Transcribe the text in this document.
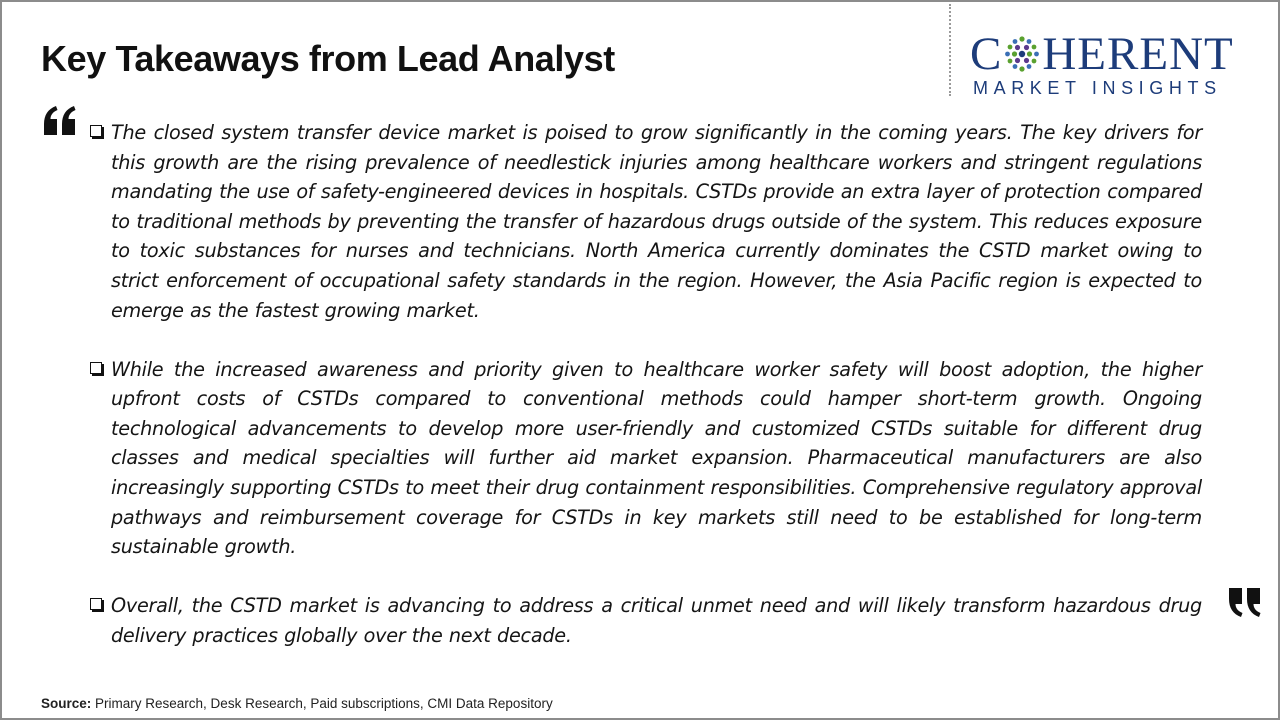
Key Takeaways from Lead Analyst	C HERENT
MARKET INSIGHTS
The closed system transfer device market is poised to grow significantly in the coming years. The key drivers for this growth are the rising prevalence of needlestick injuries among healthcare workers and stringent regulations mandating the use of safety-engineered devices in hospitals. CSTDs provide an extra layer of protection compared to traditional methods by preventing the transfer of hazardous drugs outside of the system. This reduces exposure to toxic substances for nurses and technicians. North America currently dominates the CSTD market owing to strict enforcement of occupational safety standards in the region. However, the Asia Pacific region is expected to emerge as the fastest growing market.
While the increased awareness and priority given to healthcare worker safety will boost adoption, the higher upfront costs of CSTDs compared to conventional methods could hamper short-term growth. Ongoing technological advancements to develop more user-friendly and customized CSTDs suitable for different drug classes and medical specialties will further aid market expansion. Pharmaceutical manufacturers are also increasingly supporting CSTDs to meet their drug containment responsibilities. Comprehensive regulatory approval pathways and reimbursement coverage for CSTDs in key markets still need to be established for long-term sustainable growth.
Overall, the CSTD market is advancing to address a critical unmet need and will likely transform hazardous drug delivery practices globally over the next decade.
Source: Primary Research, Desk Research, Paid subscriptions, CMI Data Repository
